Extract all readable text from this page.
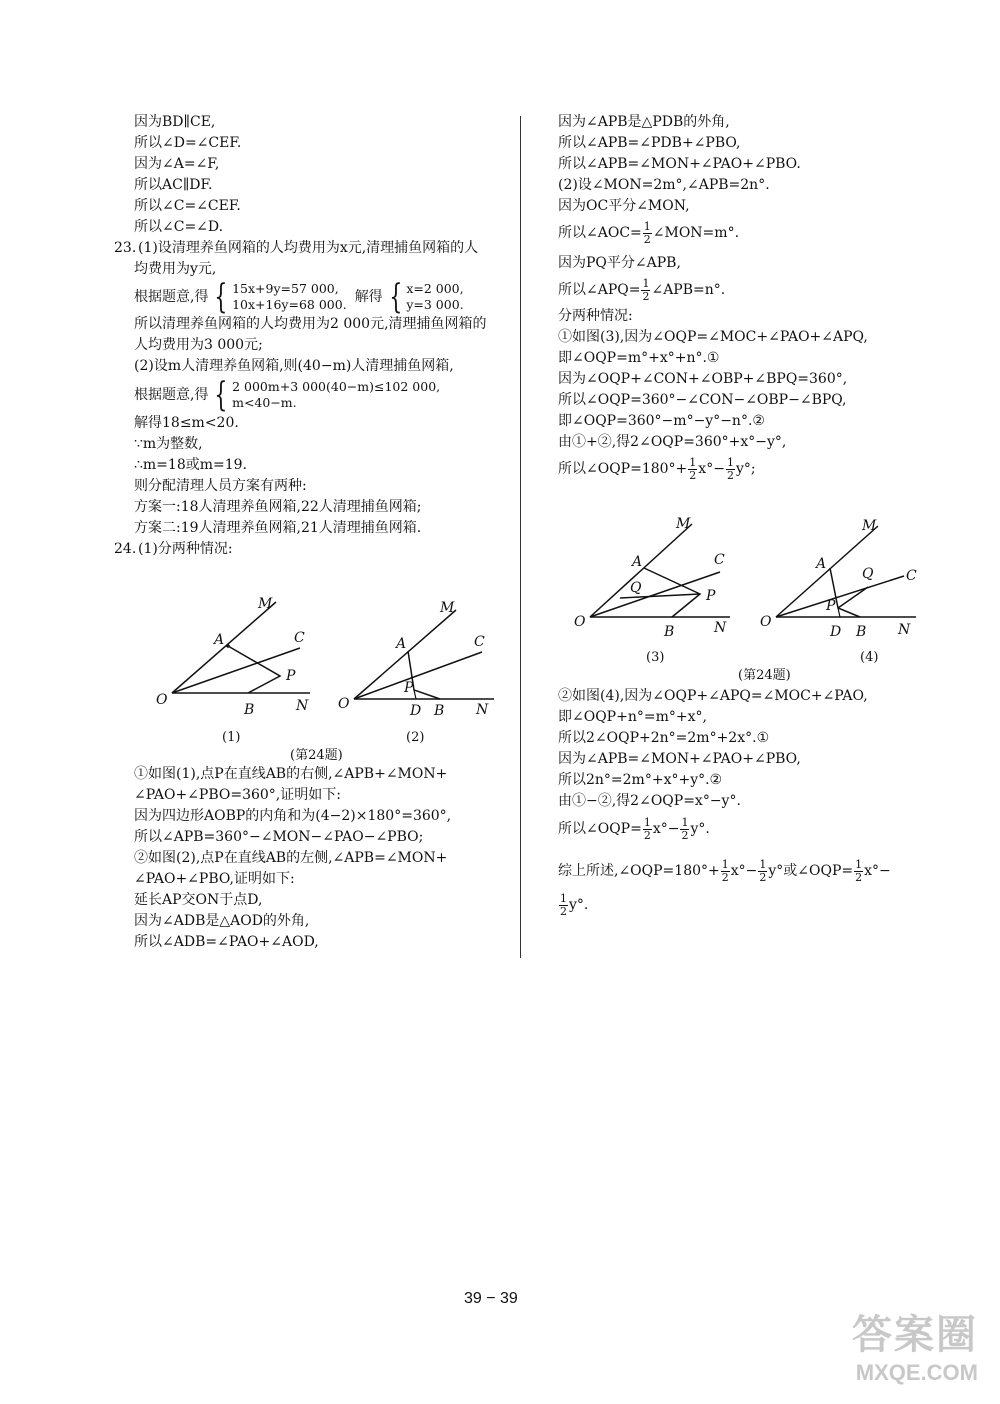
因为BD∥CE,
所以∠D=∠CEF.
因为∠A=∠F,
所以AC∥DF.
所以∠C=∠CEF.
所以∠C=∠D.
23. (1)设清理养鱼网箱的人均费用为x元,清理捕鱼网箱的人
均费用为y元,
根据题意,得 { 15x+9y=57 000,
10x+16y=68 000. 解得 { x=2 000,
y=3 000.
所以清理养鱼网箱的人均费用为2 000元,清理捕鱼网箱的
人均费用为3 000元;
(2)设m人清理养鱼网箱,则(40−m)人清理捕鱼网箱,
根据题意,得 { 2 000m+3 000(40−m)≤102 000,
m<40−m.
解得18≤m<20.
∵m为整数,
∴m=18或m=19.
则分配清理人员方案有两种:
方案一:18人清理养鱼网箱,22人清理捕鱼网箱;
方案二:19人清理养鱼网箱,21人清理捕鱼网箱.
24. (1)分两种情况:
O
M
A	C
P
B	N O
M
A	C
P
D B N
(1)	(2)
(第24题)
①如图(1),点P在直线AB的右侧,∠APB+∠MON+
∠PAO+∠PBO=360°,证明如下:
因为四边形AOBP的内角和为(4−2)×180°=360°,
所以∠APB=360°−∠MON−∠PAO−∠PBO;
②如图(2),点P在直线AB的左侧,∠APB=∠MON+
∠PAO+∠PBO,证明如下:
延长AP交ON于点D,
因为∠ADB是△AOD的外角,
所以∠ADB=∠PAO+∠AOD,
因为∠APB是△PDB的外角,
所以∠APB=∠PDB+∠PBO,
所以∠APB=∠MON+∠PAO+∠PBO.
(2)设∠MON=2m°,∠APB=2n°.
因为OC平分∠MON,
所以∠AOC= $\frac{1}{2}$ ∠MON=m°.
因为PQ平分∠APB,
所以∠APQ= $\frac{1}{2}$ ∠APB=n°.
分两种情况:
①如图(3),因为∠OQP=∠MOC+∠PAO+∠APQ,
即∠OQP=m°+x°+n°.①
因为∠OQP+∠CON+∠OBP+∠BPQ=360°,
所以∠OQP=360°−∠CON−∠OBP−∠BPQ,
即∠OQP=360°−m°−y°−n°.②
由①+②,得2∠OQP=360°+x°−y°,
所以∠OQP=180°+ $\frac{1}{2} x^\circ- \frac{1}{2} y^\circ$;
O
M
A	C
Q	P
B	N O
M
A
C
Q
P
D B N
(3)	(4)
(第24题)
②如图(4),因为∠OQP+∠APQ=∠MOC+∠PAO,
即∠OQP+n°=m°+x°,
所以2∠OQP+2n°=2m°+2x°.①
因为∠APB=∠MON+∠PAO+∠PBO,
所以2n°=2m°+x°+y°.②
由①−②,得2∠OQP=x°−y°.
所以∠OQP= $\frac{1}{2} x^\circ- \frac{1}{2} y^\circ$.
综上所述,∠OQP=180°+ $\frac{1}{2} x^\circ- \frac{1}{2} y^\circ$或∠OQP= $\frac{1}{2} x^\circ-$
$\frac{1}{2} y^\circ$.
39 − 39
答案圈
MXQE.COM
